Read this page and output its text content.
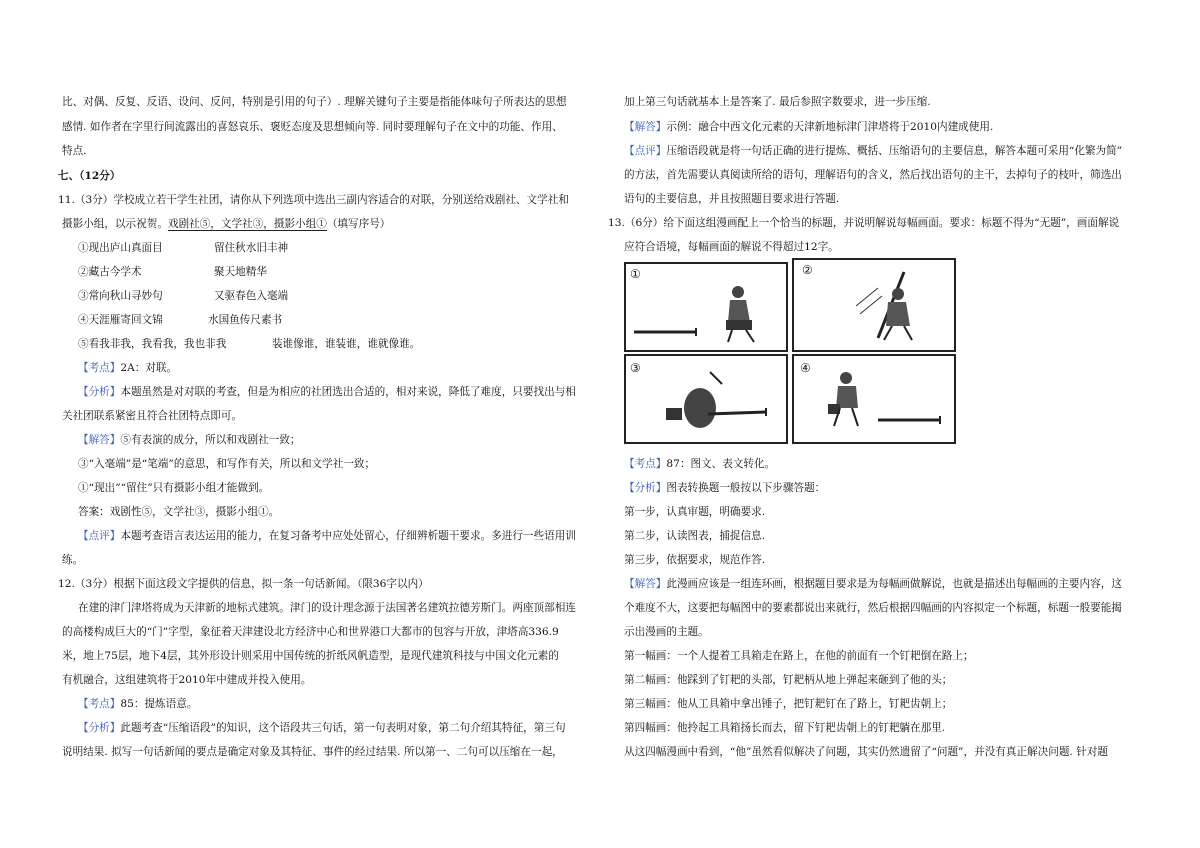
比、对偶、反复、反语、设问、反问，特别是引用的句子）. 理解关键句子主要是指能体味句子所表达的思想
感情. 如作者在字里行间流露出的喜怒哀乐、褒贬态度及思想倾向等. 同时要理解句子在文中的功能、作用、
特点.
七、（12分）
11.（3分）学校成立若干学生社团，请你从下列选项中选出三副内容适合的对联，分别送给戏剧社、文学社和
摄影小组，以示祝贺。戏剧社⑤，文学社③，摄影小组①（填写序号）
①现出庐山真面目	留住秋水旧丰神
②藏古今学术	聚天地精华
③常向秋山寻妙句	又驱春色入毫端
④天涯雁寄回文锦	水国鱼传尺素书
⑤看我非我，我看我，我也非我	装谁像谁，谁装谁，谁就像谁。
【考点】2A：对联。
【分析】本题虽然是对对联的考查，但是为相应的社团选出合适的，相对来说，降低了难度，只要找出与相
关社团联系紧密且符合社团特点即可。
【解答】⑤有表演的成分，所以和戏剧社一致；
③“入毫端”是“笔端”的意思，和写作有关，所以和文学社一致；
①“现出”“留住”只有摄影小组才能做到。
答案：戏剧性⑤，文学社③，摄影小组①。
【点评】本题考查语言表达运用的能力，在复习备考中应处处留心，仔细辨析题干要求。多进行一些语用训
练。
12.（3分）根据下面这段文字提供的信息，拟一条一句话新闻。（限36字以内）
在建的津门津塔将成为天津新的地标式建筑。津门的设计理念源于法国著名建筑拉德芳斯门。两座顶部相连
的高楼构成巨大的“门”字型，象征着天津建设北方经济中心和世界港口大都市的包容与开放，津塔高336.9
米，地上75层，地下4层，其外形设计则采用中国传统的折纸风帆造型，是现代建筑科技与中国文化元素的
有机融合，这组建筑将于2010年中建成并投入使用。
【考点】85：提炼语意。
【分析】此题考查“压缩语段”的知识，这个语段共三句话，第一句表明对象，第二句介绍其特征，第三句
说明结果. 拟写一句话新闻的要点是确定对象及其特征、事件的经过结果. 所以第一、二句可以压缩在一起，
加上第三句话就基本上是答案了. 最后参照字数要求，进一步压缩.
【解答】示例：融合中西文化元素的天津新地标津门津塔将于2010内建成使用.
【点评】压缩语段就是将一句话正确的进行提炼、概括、压缩语句的主要信息，解答本题可采用“化繁为简”
的方法，首先需要认真阅读所给的语句，理解语句的含义，然后找出语句的主干，去掉句子的枝叶，筛选出
语句的主要信息，并且按照题目要求进行答题.
13.（6分）给下面这组漫画配上一个恰当的标题，并说明解说每幅画面。要求：标题不得为“无题”，画面解说
应符合语境，每幅画面的解说不得超过12字。
①	②
③	④
【考点】87：图文、表文转化。
【分析】图表转换题一般按以下步骤答题：
第一步，认真审题，明确要求.
第二步，认读图表，捕捉信息.
第三步，依据要求，规范作答.
【解答】此漫画应该是一组连环画，根据题目要求是为每幅画做解说，也就是描述出每幅画的主要内容，这
个难度不大，这要把每幅图中的要素都说出来就行，然后根据四幅画的内容拟定一个标题，标题一般要能揭
示出漫画的主题。
第一幅画：一个人提着工具箱走在路上，在他的前面有一个钉耙倒在路上；
第二幅画：他踩到了钉耙的头部，钉耙柄从地上弹起来砸到了他的头；
第三幅画：他从工具箱中拿出锤子，把钉耙钉在了路上，钉耙齿朝上；
第四幅画：他拎起工具箱扬长而去，留下钉耙齿朝上的钉耙躺在那里.
从这四幅漫画中看到，“他”虽然看似解决了问题，其实仍然遗留了“问题”，并没有真正解决问题. 针对题
